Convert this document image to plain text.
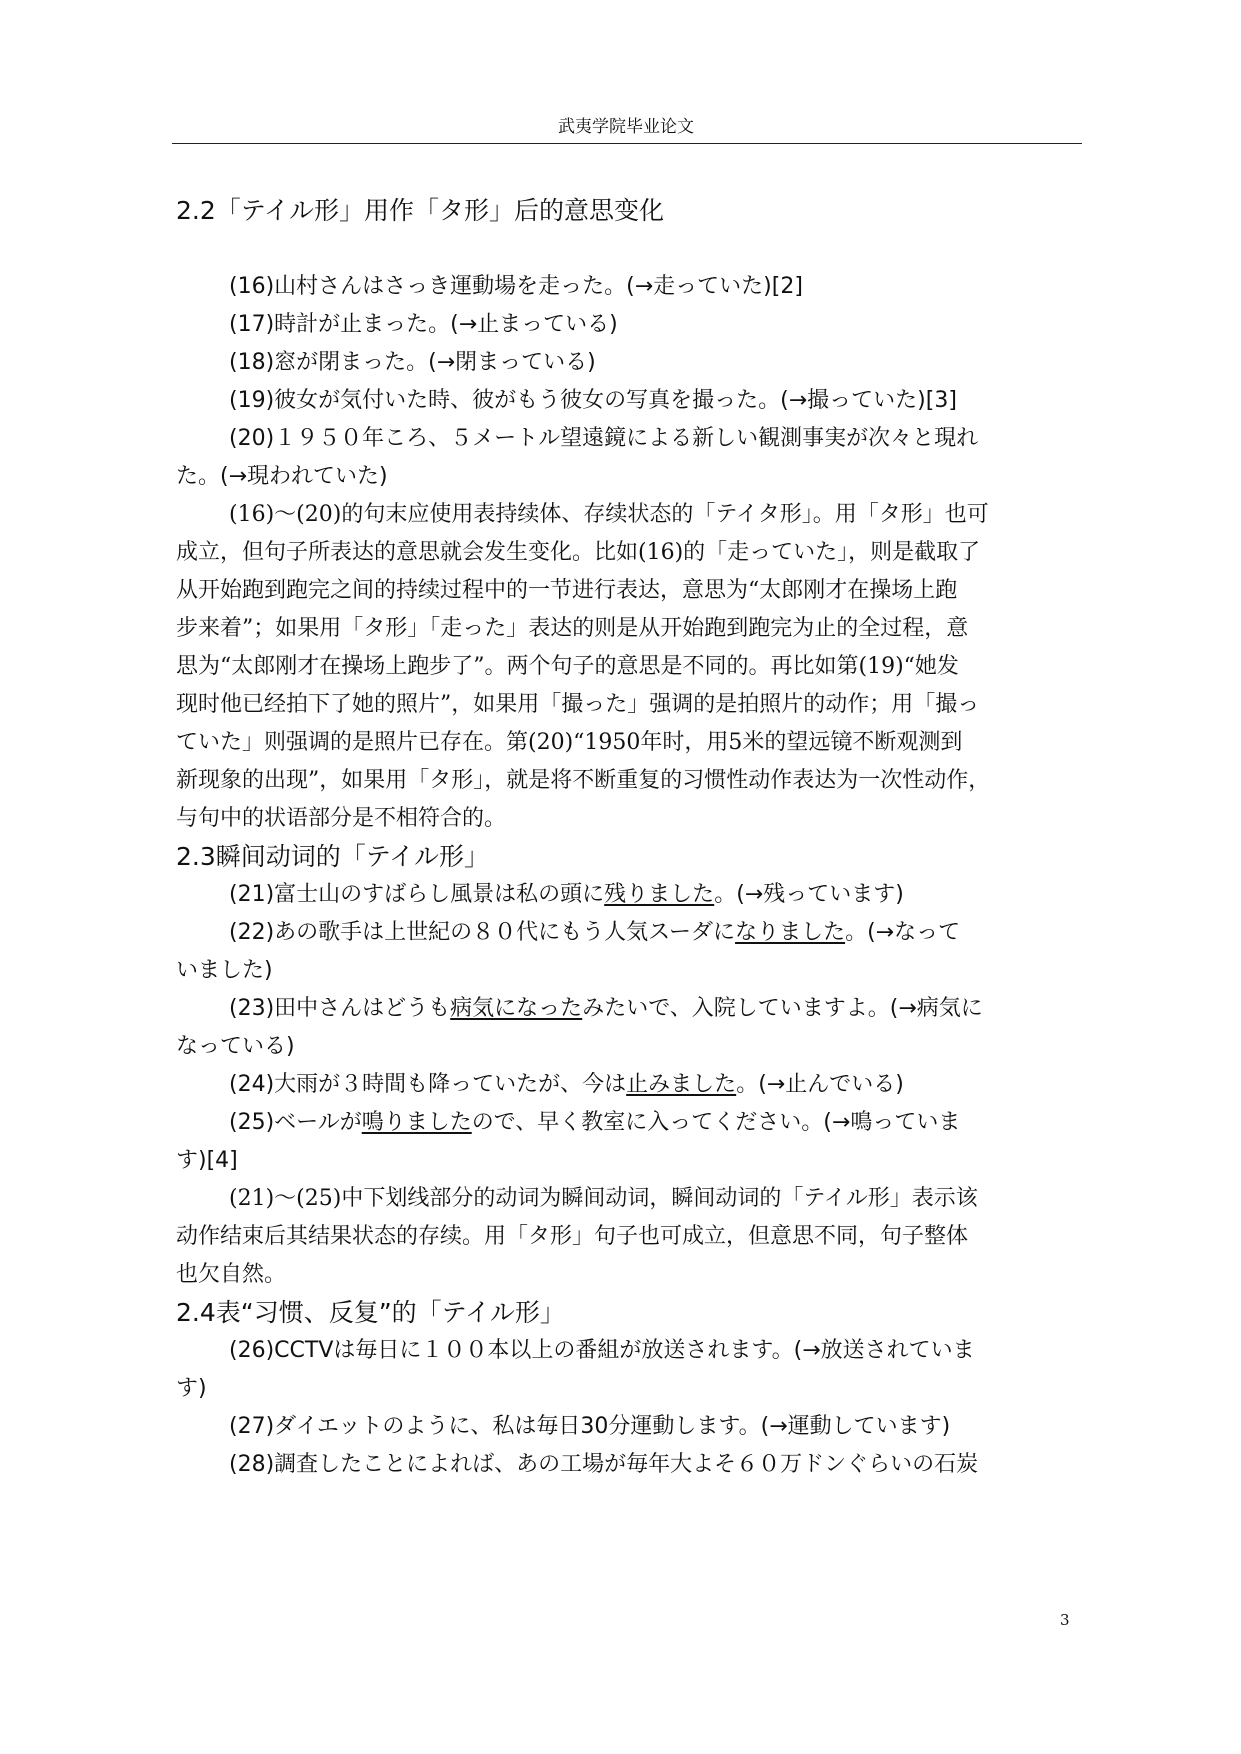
武夷学院毕业论文
2.2「テイル形」用作「タ形」后的意思变化
(16)山村さんはさっき運動場を走った。(→走っていた)[2]
(17)時計が止まった。(→止まっている)
(18)窓が閉まった。(→閉まっている)
(19)彼女が気付いた時、彼がもう彼女の写真を撮った。(→撮っていた)[3]
(20)１９５０年ころ、５メートル望遠鏡による新しい観測事実が次々と現れ
た。(→現われていた)
(16)～(20)的句末应使用表持续体、存续状态的「テイタ形」。用「タ形」也可
成立，但句子所表达的意思就会发生变化。比如(16)的「走っていた」，则是截取了
从开始跑到跑完之间的持续过程中的一节进行表达，意思为“太郎刚才在操场上跑
步来着”；如果用「タ形」「走った」表达的则是从开始跑到跑完为止的全过程，意
思为“太郎刚才在操场上跑步了”。两个句子的意思是不同的。再比如第(19)“她发
现时他已经拍下了她的照片”，如果用「撮った」强调的是拍照片的动作；用「撮っ
ていた」则强调的是照片已存在。第(20)“1950年时，用5米的望远镜不断观测到
新现象的出现”，如果用「タ形」，就是将不断重复的习惯性动作表达为一次性动作，
与句中的状语部分是不相符合的。
2.3瞬间动词的「テイル形」
(21)富士山のすばらし風景は私の頭に残りました。(→残っています)
(22)あの歌手は上世紀の８０代にもう人気スーダになりました。(→なって
いました)
(23)田中さんはどうも病気になったみたいで、入院していますよ。(→病気に
なっている)
(24)大雨が３時間も降っていたが、今は止みました。(→止んでいる)
(25)ベールが鳴りましたので、早く教室に入ってください。(→鳴っていま
す)[4]
(21)～(25)中下划线部分的动词为瞬间动词，瞬间动词的「テイル形」表示该
动作结束后其结果状态的存续。用「タ形」句子也可成立，但意思不同，句子整体
也欠自然。
2.4表“习惯、反复”的「テイル形」
(26)CCTVは毎日に１００本以上の番組が放送されます。(→放送されていま
す)
(27)ダイエットのように、私は毎日30分運動します。(→運動しています)
(28)調査したことによれば、あの工場が毎年大よそ６０万ドンぐらいの石炭
3
